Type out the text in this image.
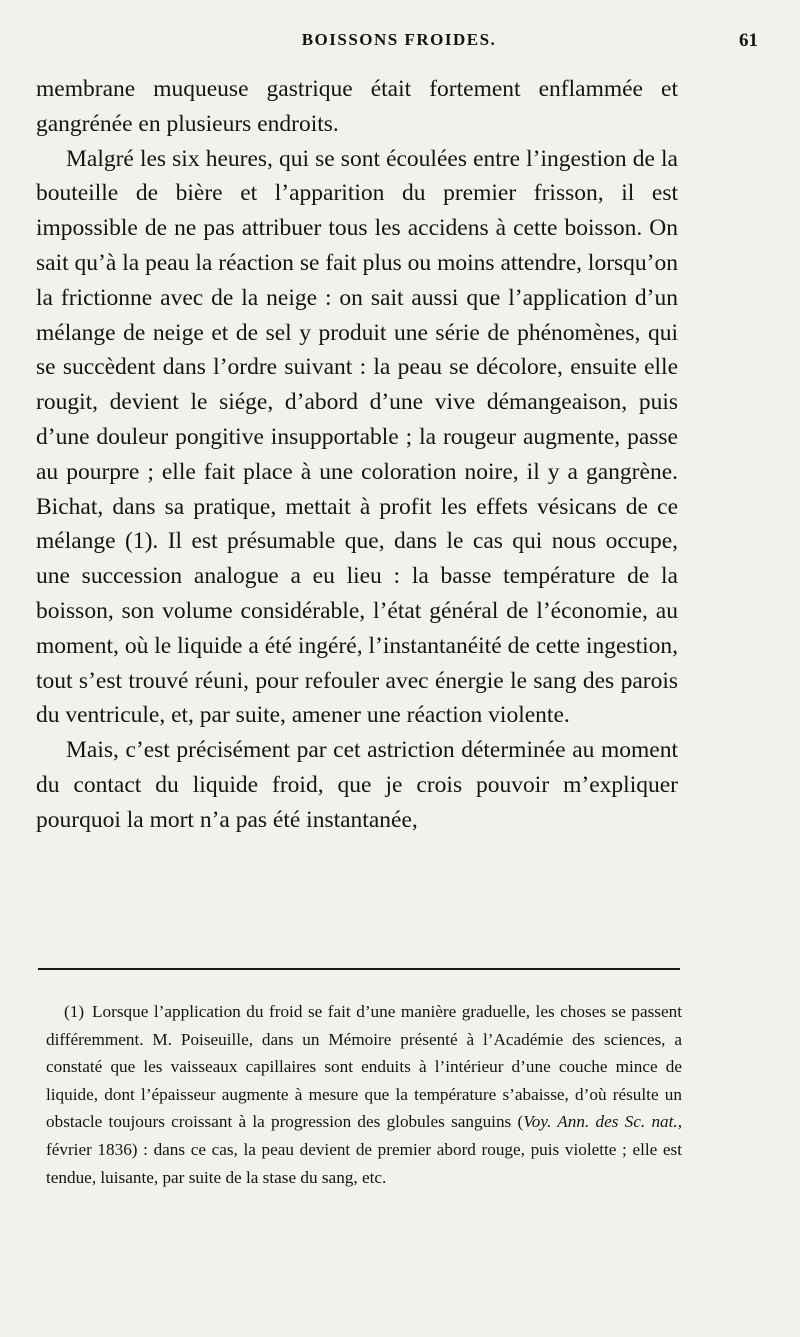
BOISSONS FROIDES.	61

membrane muqueuse gastrique était fortement enflammée et gangrénée en plusieurs endroits.

Malgré les six heures, qui se sont écoulées entre l’ingestion de la bouteille de bière et l’apparition du premier frisson, il est impossible de ne pas attribuer tous les accidens à cette boisson. On sait qu’à la peau la réaction se fait plus ou moins attendre, lorsqu’on la frictionne avec de la neige : on sait aussi que l’application d’un mélange de neige et de sel y produit une série de phénomènes, qui se succèdent dans l’ordre suivant : la peau se décolore, ensuite elle rougit, devient le siége, d’abord d’une vive démangeaison, puis d’une douleur pongitive insupportable ; la rougeur augmente, passe au pourpre ; elle fait place à une coloration noire, il y a gangrène. Bichat, dans sa pratique, mettait à profit les effets vésicans de ce mélange (1). Il est présumable que, dans le cas qui nous occupe, une succession analogue a eu lieu : la basse température de la boisson, son volume considérable, l’état général de l’économie, au moment, où le liquide a été ingéré, l’instantanéité de cette ingestion, tout s’est trouvé réuni, pour refouler avec énergie le sang des parois du ventricule, et, par suite, amener une réaction violente.

Mais, c’est précisément par cet astriction déterminée au moment du contact du liquide froid, que je crois pouvoir m’expliquer pourquoi la mort n’a pas été instantanée,

(1) Lorsque l’application du froid se fait d’une manière graduelle, les choses se passent différemment. M. Poiseuille, dans un Mémoire présenté à l’Académie des sciences, a constaté que les vaisseaux capillaires sont enduits à l’intérieur d’une couche mince de liquide, dont l’épaisseur augmente à mesure que la température s’abaisse, d’où résulte un obstacle toujours croissant à la progression des globules sanguins (Voy. Ann. des Sc. nat., février 1836) : dans ce cas, la peau devient de premier abord rouge, puis violette ; elle est tendue, luisante, par suite de la stase du sang, etc.
